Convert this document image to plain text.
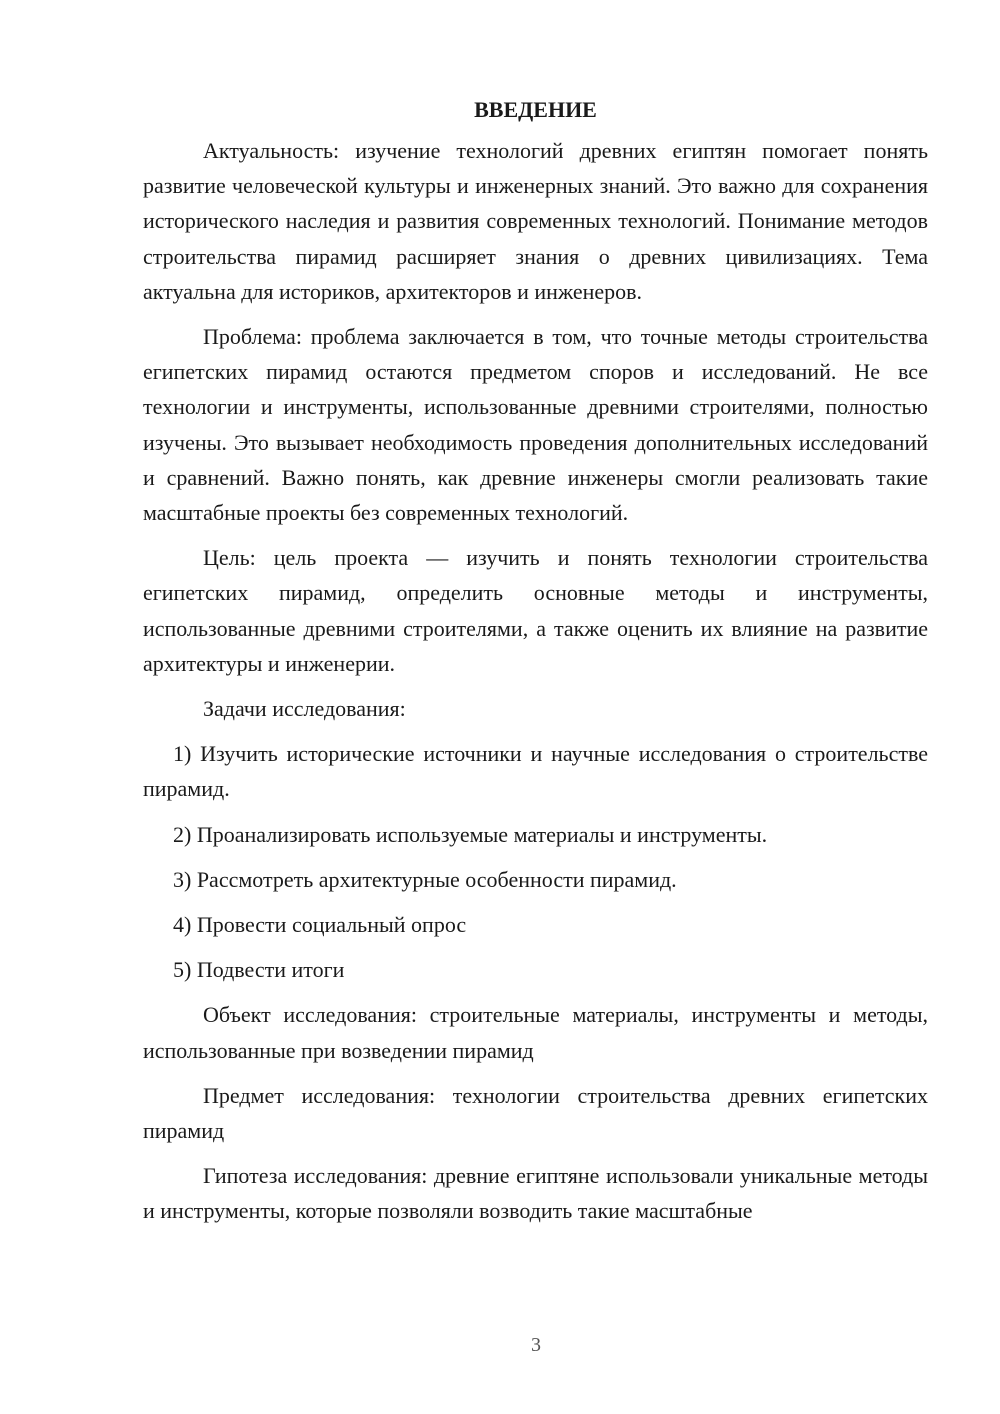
ВВЕДЕНИЕ

Актуальность: изучение технологий древних египтян помогает понять развитие человеческой культуры и инженерных знаний. Это важно для сохранения исторического наследия и развития современных технологий. Понимание методов строительства пирамид расширяет знания о древних цивилизациях. Тема актуальна для историков, архитекторов и инженеров.

Проблема: проблема заключается в том, что точные методы строительства египетских пирамид остаются предметом споров и исследований. Не все технологии и инструменты, использованные древними строителями, полностью изучены. Это вызывает необходимость проведения дополнительных исследований и сравнений. Важно понять, как древние инженеры смогли реализовать такие масштабные проекты без современных технологий.

Цель: цель проекта — изучить и понять технологии строительства египетских пирамид, определить основные методы и инструменты, использованные древними строителями, а также оценить их влияние на развитие архитектуры и инженерии.

Задачи исследования:

1) Изучить исторические источники и научные исследования о строительстве пирамид.

2) Проанализировать используемые материалы и инструменты.

3) Рассмотреть архитектурные особенности пирамид.

4) Провести социальный опрос

5) Подвести итоги

Объект исследования: строительные материалы, инструменты и методы, использованные при возведении пирамид

Предмет исследования: технологии строительства древних египетских пирамид

Гипотеза исследования: древние египтяне использовали уникальные методы и инструменты, которые позволяли возводить такие масштабные

3
